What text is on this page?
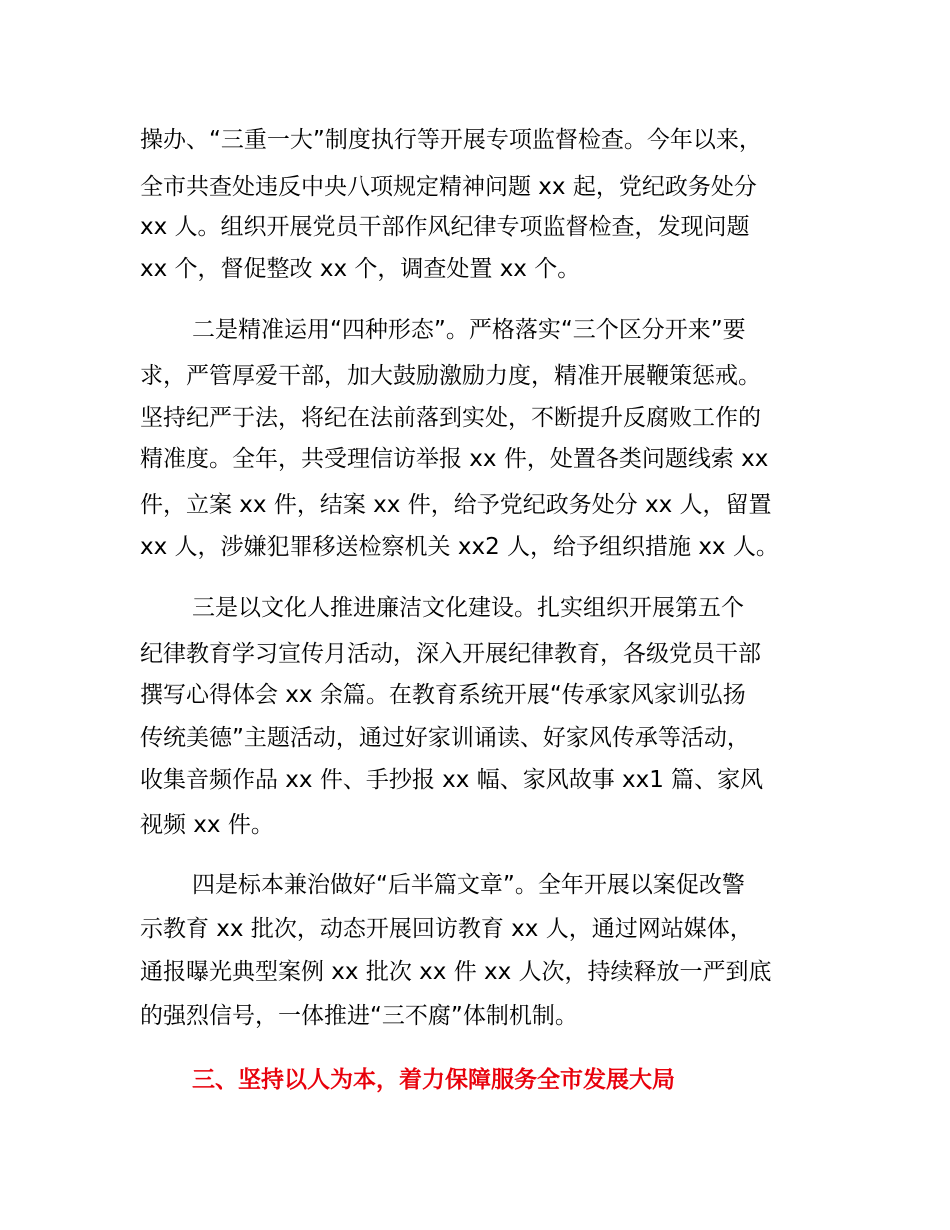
操办、“三重一大”制度执行等开展专项监督检查。今年以来，
全市共查处违反中央八项规定精神问题 xx 起，党纪政务处分
xx 人。组织开展党员干部作风纪律专项监督检查，发现问题
xx 个，督促整改 xx 个，调查处置 xx 个。
二是精准运用“四种形态”。严格落实“三个区分开来”要
求，严管厚爱干部，加大鼓励激励力度，精准开展鞭策惩戒。
坚持纪严于法，将纪在法前落到实处，不断提升反腐败工作的
精准度。全年，共受理信访举报 xx 件，处置各类问题线索 xx
件，立案 xx 件，结案 xx 件，给予党纪政务处分 xx 人，留置
xx 人，涉嫌犯罪移送检察机关 xx2 人，给予组织措施 xx 人。
三是以文化人推进廉洁文化建设。扎实组织开展第五个
纪律教育学习宣传月活动，深入开展纪律教育，各级党员干部
撰写心得体会 xx 余篇。在教育系统开展“传承家风家训弘扬
传统美德”主题活动，通过好家训诵读、好家风传承等活动，
收集音频作品 xx 件、手抄报 xx 幅、家风故事 xx1 篇、家风
视频 xx 件。
四是标本兼治做好“后半篇文章”。全年开展以案促改警
示教育 xx 批次，动态开展回访教育 xx 人，通过网站媒体，
通报曝光典型案例 xx 批次 xx 件 xx 人次，持续释放一严到底
的强烈信号，一体推进“三不腐”体制机制。
三、坚持以人为本，着力保障服务全市发展大局
